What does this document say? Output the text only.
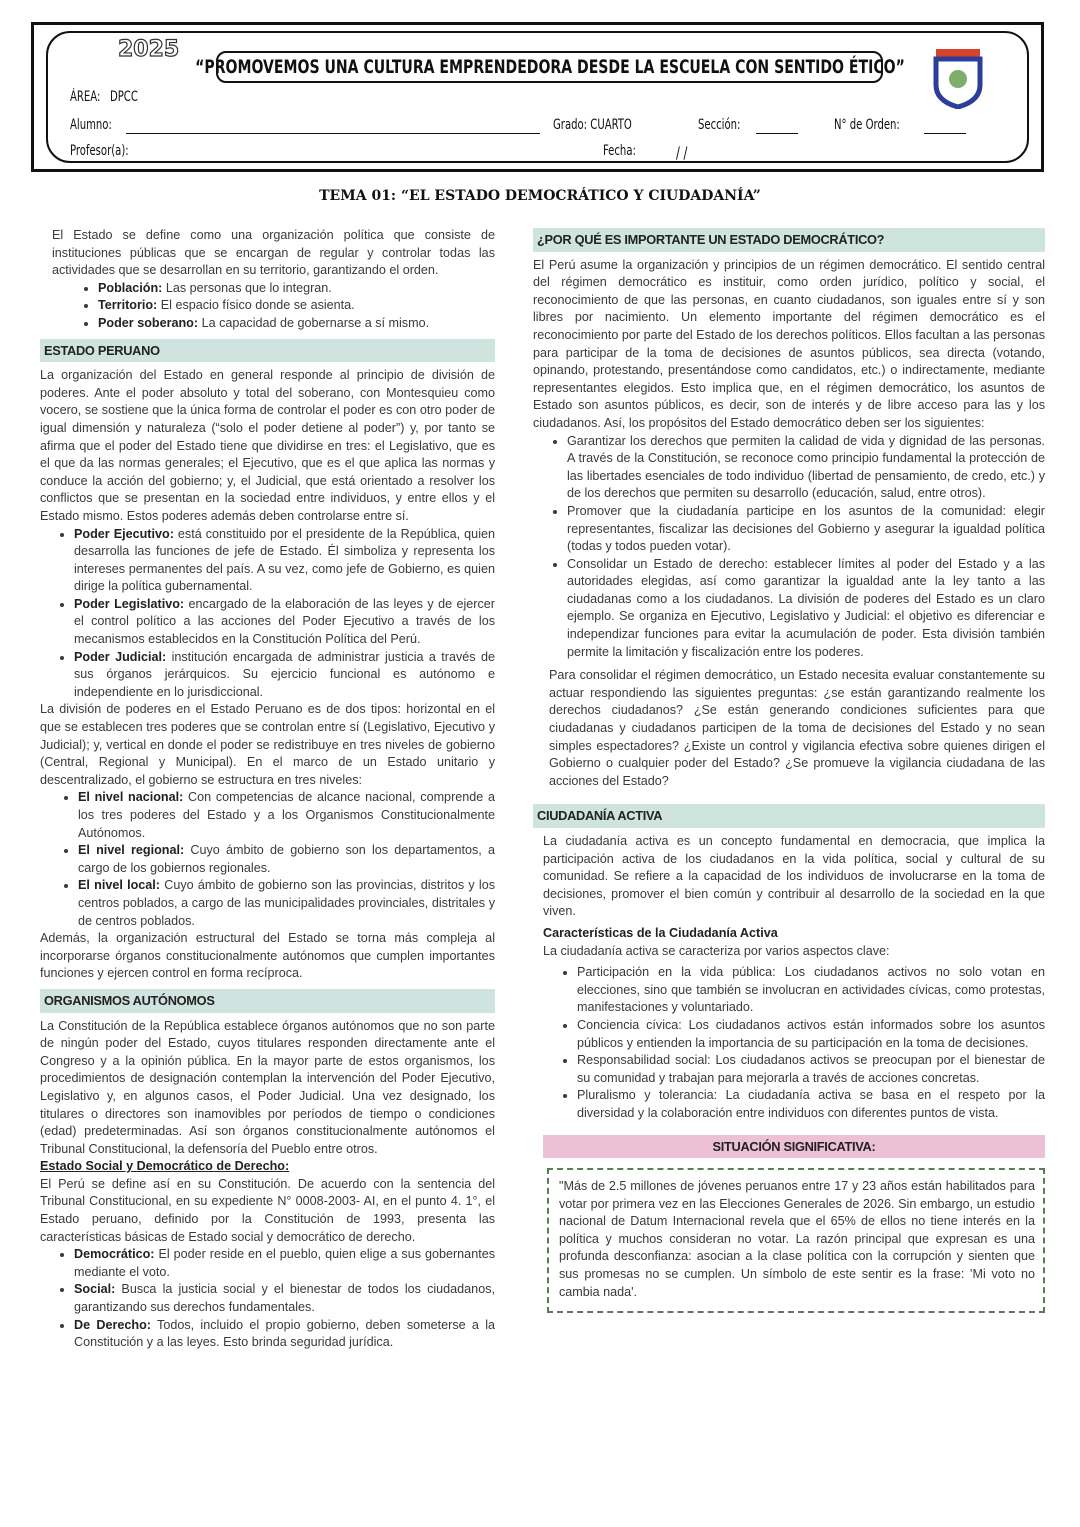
2025
“PROMOVEMOS UNA CULTURA EMPRENDEDORA DESDE LA ESCUELA CON SENTIDO ÉTICO”
ÁREA: DPCC
Alumno:	Grado: CUARTO	Sección:	N° de Orden:
Profesor(a):	Fecha:	/ /
TEMA 01: “EL ESTADO DEMOCRÁTICO Y CIUDADANÍA”

El Estado se define como una organización política que consiste de instituciones públicas que se encargan de regular y controlar todas las actividades que se desarrollan en su territorio, garantizando el orden.

• Población: Las personas que lo integran.
• Territorio: El espacio físico donde se asienta.
• Poder soberano: La capacidad de gobernarse a sí mismo.
ESTADO PERUANO

La organización del Estado en general responde al principio de división de poderes. Ante el poder absoluto y total del soberano, con Montesquieu como vocero, se sostiene que la única forma de controlar el poder es con otro poder de igual dimensión y naturaleza (“solo el poder detiene al poder”) y, por tanto se afirma que el poder del Estado tiene que dividirse en tres: el Legislativo, que es el que da las normas generales; el Ejecutivo, que es el que aplica las normas y conduce la acción del gobierno; y, el Judicial, que está orientado a resolver los conflictos que se presentan en la sociedad entre individuos, y entre ellos y el Estado mismo. Estos poderes además deben controlarse entre sí.

• Poder Ejecutivo: está constituido por el presidente de la República, quien desarrolla las funciones de jefe de Estado. Él simboliza y representa los intereses permanentes del país. A su vez, como jefe de Gobierno, es quien dirige la política gubernamental.
• Poder Legislativo: encargado de la elaboración de las leyes y de ejercer el control político a las acciones del Poder Ejecutivo a través de los mecanismos establecidos en la Constitución Política del Perú.
• Poder Judicial: institución encargada de administrar justicia a través de sus órganos jerárquicos. Su ejercicio funcional es autónomo e independiente en lo jurisdiccional.

La división de poderes en el Estado Peruano es de dos tipos: horizontal en el que se establecen tres poderes que se controlan entre sí (Legislativo, Ejecutivo y Judicial); y, vertical en donde el poder se redistribuye en tres niveles de gobierno (Central, Regional y Municipal). En el marco de un Estado unitario y descentralizado, el gobierno se estructura en tres niveles:

• El nivel nacional: Con competencias de alcance nacional, comprende a los tres poderes del Estado y a los Organismos Constitucionalmente Autónomos.
• El nivel regional: Cuyo ámbito de gobierno son los departamentos, a cargo de los gobiernos regionales.
• El nivel local: Cuyo ámbito de gobierno son las provincias, distritos y los centros poblados, a cargo de las municipalidades provinciales, distritales y de centros poblados.

Además, la organización estructural del Estado se torna más compleja al incorporarse órganos constitucionalmente autónomos que cumplen importantes funciones y ejercen control en forma recíproca.

ORGANISMOS AUTÓNOMOS

La Constitución de la República establece órganos autónomos que no son parte de ningún poder del Estado, cuyos titulares responden directamente ante el Congreso y a la opinión pública. En la mayor parte de estos organismos, los procedimientos de designación contemplan la intervención del Poder Ejecutivo, Legislativo y, en algunos casos, el Poder Judicial. Una vez designado, los titulares o directores son inamovibles por períodos de tiempo o condiciones (edad) predeterminadas. Así son órganos constitucionalmente autónomos el Tribunal Constitucional, la defensoría del Pueblo entre otros.

Estado Social y Democrático de Derecho:

El Perú se define así en su Constitución. De acuerdo con la sentencia del Tribunal Constitucional, en su expediente N° 0008-2003- AI, en el punto 4. 1°, el Estado peruano, definido por la Constitución de 1993, presenta las características básicas de Estado social y democrático de derecho.

• Democrático: El poder reside en el pueblo, quien elige a sus gobernantes mediante el voto.
• Social: Busca la justicia social y el bienestar de todos los ciudadanos, garantizando sus derechos fundamentales.
• De Derecho: Todos, incluido el propio gobierno, deben someterse a la Constitución y a las leyes. Esto brinda seguridad jurídica.
¿POR QUÉ ES IMPORTANTE UN ESTADO DEMOCRÁTICO?

El Perú asume la organización y principios de un régimen democrático. El sentido central del régimen democrático es instituir, como orden jurídico, político y social, el reconocimiento de que las personas, en cuanto ciudadanos, son iguales entre sí y son libres por nacimiento. Un elemento importante del régimen democrático es el reconocimiento por parte del Estado de los derechos políticos. Ellos facultan a las personas para participar de la toma de decisiones de asuntos públicos, sea directa (votando, opinando, protestando, presentándose como candidatos, etc.) o indirectamente, mediante representantes elegidos. Esto implica que, en el régimen democrático, los asuntos de Estado son asuntos públicos, es decir, son de interés y de libre acceso para las y los ciudadanos. Así, los propósitos del Estado democrático deben ser los siguientes:

• Garantizar los derechos que permiten la calidad de vida y dignidad de las personas. A través de la Constitución, se reconoce como principio fundamental la protección de las libertades esenciales de todo individuo (libertad de pensamiento, de credo, etc.) y de los derechos que permiten su desarrollo (educación, salud, entre otros).
• Promover que la ciudadanía participe en los asuntos de la comunidad: elegir representantes, fiscalizar las decisiones del Gobierno y asegurar la igualdad política (todas y todos pueden votar).
• Consolidar un Estado de derecho: establecer límites al poder del Estado y a las autoridades elegidas, así como garantizar la igualdad ante la ley tanto a las ciudadanas como a los ciudadanos. La división de poderes del Estado es un claro ejemplo. Se organiza en Ejecutivo, Legislativo y Judicial: el objetivo es diferenciar e independizar funciones para evitar la acumulación de poder. Esta división también permite la limitación y fiscalización entre los poderes.

Para consolidar el régimen democrático, un Estado necesita evaluar constantemente su actuar respondiendo las siguientes preguntas: ¿se están garantizando realmente los derechos ciudadanos? ¿Se están generando condiciones suficientes para que ciudadanas y ciudadanos participen de la toma de decisiones del Estado y no sean simples espectadores? ¿Existe un control y vigilancia efectiva sobre quienes dirigen el Gobierno o cualquier poder del Estado? ¿Se promueve la vigilancia ciudadana de las acciones del Estado?

CIUDADANÍA ACTIVA

La ciudadanía activa es un concepto fundamental en democracia, que implica la participación activa de los ciudadanos en la vida política, social y cultural de su comunidad. Se refiere a la capacidad de los individuos de involucrarse en la toma de decisiones, promover el bien común y contribuir al desarrollo de la sociedad en la que viven.

Características de la Ciudadanía Activa

La ciudadanía activa se caracteriza por varios aspectos clave:

• Participación en la vida pública: Los ciudadanos activos no solo votan en elecciones, sino que también se involucran en actividades cívicas, como protestas, manifestaciones y voluntariado.
• Conciencia cívica: Los ciudadanos activos están informados sobre los asuntos públicos y entienden la importancia de su participación en la toma de decisiones.
• Responsabilidad social: Los ciudadanos activos se preocupan por el bienestar de su comunidad y trabajan para mejorarla a través de acciones concretas.
• Pluralismo y tolerancia: La ciudadanía activa se basa en el respeto por la diversidad y la colaboración entre individuos con diferentes puntos de vista.
SITUACIÓN SIGNIFICATIVA:

"Más de 2.5 millones de jóvenes peruanos entre 17 y 23 años están habilitados para votar por primera vez en las Elecciones Generales de 2026. Sin embargo, un estudio nacional de Datum Internacional revela que el 65% de ellos no tiene interés en la política y muchos consideran no votar. La razón principal que expresan es una profunda desconfianza: asocian a la clase política con la corrupción y sienten que sus promesas no se cumplen. Un símbolo de este sentir es la frase: 'Mi voto no cambia nada'.
